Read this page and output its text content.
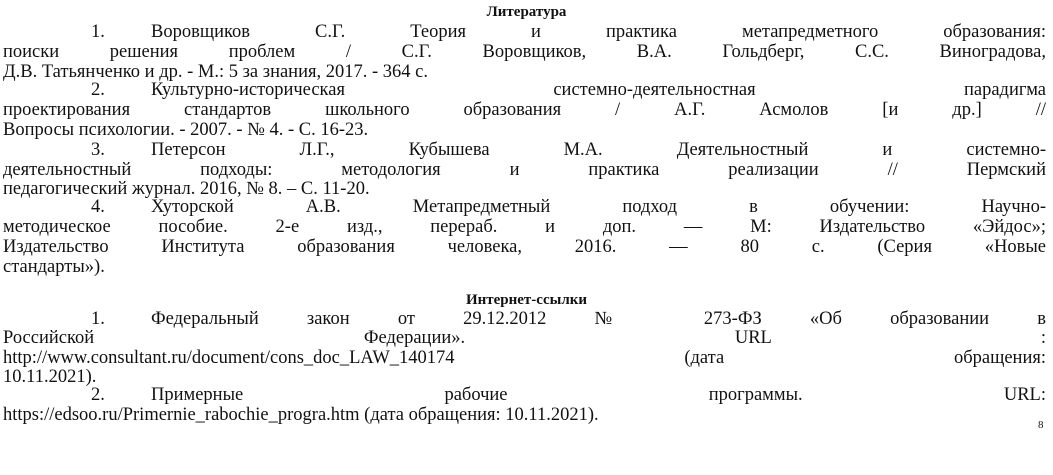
Литература
1. Воровщиков С.Г. Теория и практика метапредметного образования:
поиски решения проблем / С.Г. Воровщиков, В.А. Гольдберг, С.С. Виноградова,
Д.В. Татьянченко и др. - М.: 5 за знания, 2017. - 364 с.
2. Культурно-историческая системно-деятельностная парадигма
проектирования стандартов школьного образования / А.Г. Асмолов [и др.] //
Вопросы психологии. - 2007. - № 4. - С. 16-23.
3. Петерсон Л.Г., Кубышева М.А. Деятельностный и системно-
деятельностный подходы: методология и практика реализации // Пермский
педагогический журнал. 2016, № 8. – С. 11-20.
4. Хуторской А.В. Метапредметный подход в обучении: Научно-
методическое пособие. 2-е изд., перераб. и доп. — М: Издательство «Эйдос»;
Издательство Института образования человека, 2016. — 80 с. (Серия «Новые
стандарты»).
Интернет-ссылки
1. Федеральный закон от 29.12.2012 № 273-ФЗ «Об образовании в
Российской Федерации». URL :
http://www.consultant.ru/document/cons_doc_LAW_140174 (дата обращения:
10.11.2021).
2. Примерные рабочие программы. URL:
https://edsoo.ru/Primernie_rabochie_progra.htm (дата обращения: 10.11.2021).	8
